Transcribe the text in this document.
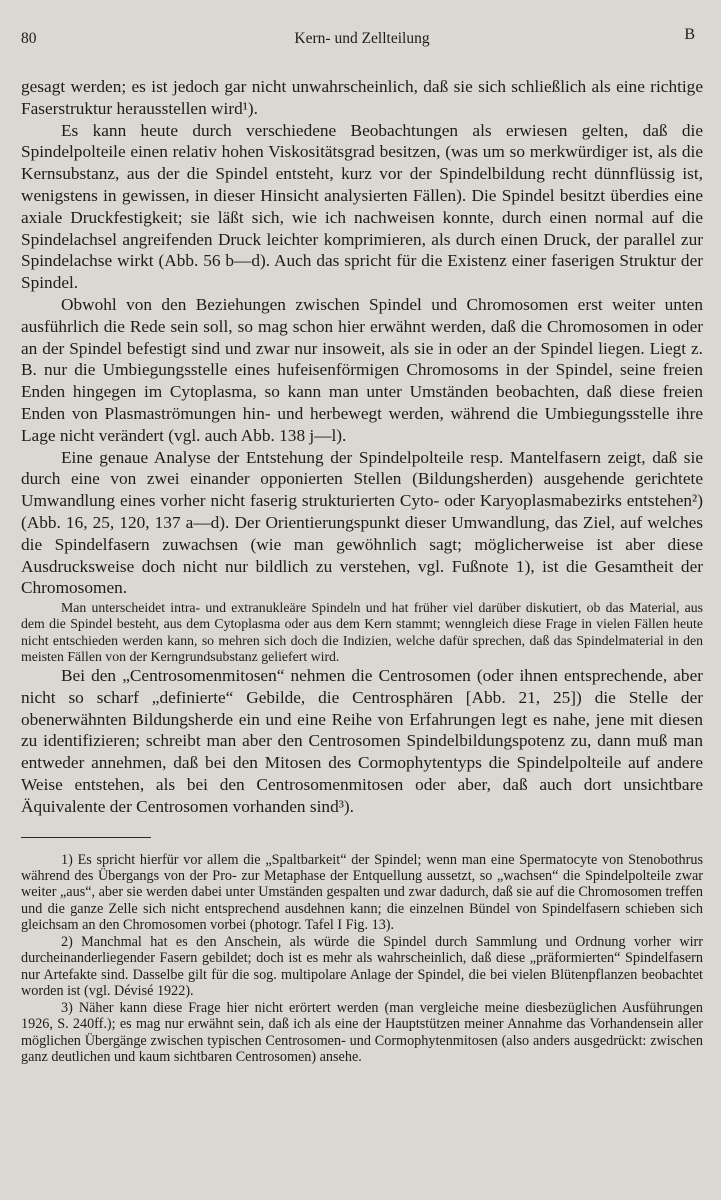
80	Kern- und Zellteilung	B

gesagt werden; es ist jedoch gar nicht unwahrscheinlich, daß sie sich schließlich als eine richtige Faserstruktur herausstellen wird¹).

Es kann heute durch verschiedene Beobachtungen als erwiesen gelten, daß die Spindelpolteile einen relativ hohen Viskositätsgrad besitzen, (was um so merkwürdiger ist, als die Kernsubstanz, aus der die Spindel entsteht, kurz vor der Spindelbildung recht dünnflüssig ist, wenigstens in gewissen, in dieser Hinsicht analysierten Fällen). Die Spindel besitzt überdies eine axiale Druckfestigkeit; sie läßt sich, wie ich nachweisen konnte, durch einen normal auf die Spindelachsel angreifenden Druck leichter komprimieren, als durch einen Druck, der parallel zur Spindelachse wirkt (Abb. 56 b—d). Auch das spricht für die Existenz einer faserigen Struktur der Spindel.

Obwohl von den Beziehungen zwischen Spindel und Chromosomen erst weiter unten ausführlich die Rede sein soll, so mag schon hier erwähnt werden, daß die Chromosomen in oder an der Spindel befestigt sind und zwar nur insoweit, als sie in oder an der Spindel liegen. Liegt z. B. nur die Umbiegungsstelle eines hufeisenförmigen Chromosoms in der Spindel, seine freien Enden hingegen im Cytoplasma, so kann man unter Umständen beobachten, daß diese freien Enden von Plasmaströmungen hin- und herbewegt werden, während die Umbiegungsstelle ihre Lage nicht verändert (vgl. auch Abb. 138 j—l).

Eine genaue Analyse der Entstehung der Spindelpolteile resp. Mantelfasern zeigt, daß sie durch eine von zwei einander opponierten Stellen (Bildungsherden) ausgehende gerichtete Umwandlung eines vorher nicht faserig strukturierten Cyto- oder Karyoplasmabezirks entstehen²) (Abb. 16, 25, 120, 137 a—d). Der Orientierungspunkt dieser Umwandlung, das Ziel, auf welches die Spindelfasern zuwachsen (wie man gewöhnlich sagt; möglicherweise ist aber diese Ausdrucksweise doch nicht nur bildlich zu verstehen, vgl. Fußnote 1), ist die Gesamtheit der Chromosomen.

Man unterscheidet intra- und extranukleäre Spindeln und hat früher viel darüber diskutiert, ob das Material, aus dem die Spindel besteht, aus dem Cytoplasma oder aus dem Kern stammt; wenngleich diese Frage in vielen Fällen heute nicht entschieden werden kann, so mehren sich doch die Indizien, welche dafür sprechen, daß das Spindelmaterial in den meisten Fällen von der Kerngrundsubstanz geliefert wird.

Bei den „Centrosomenmitosen“ nehmen die Centrosomen (oder ihnen entsprechende, aber nicht so scharf „definierte“ Gebilde, die Centrosphären [Abb. 21, 25]) die Stelle der obenerwähnten Bildungsherde ein und eine Reihe von Erfahrungen legt es nahe, jene mit diesen zu identifizieren; schreibt man aber den Centrosomen Spindelbildungspotenz zu, dann muß man entweder annehmen, daß bei den Mitosen des Cormophytentyps die Spindelpolteile auf andere Weise entstehen, als bei den Centrosomenmitosen oder aber, daß auch dort unsichtbare Äquivalente der Centrosomen vorhanden sind³).

1) Es spricht hierfür vor allem die „Spaltbarkeit“ der Spindel; wenn man eine Spermatocyte von Stenobothrus während des Übergangs von der Pro- zur Metaphase der Entquellung aussetzt, so „wachsen“ die Spindelpolteile zwar weiter „aus“, aber sie werden dabei unter Umständen gespalten und zwar dadurch, daß sie auf die Chromosomen treffen und die ganze Zelle sich nicht entsprechend ausdehnen kann; die einzelnen Bündel von Spindelfasern schieben sich gleichsam an den Chromosomen vorbei (photogr. Tafel I Fig. 13).

2) Manchmal hat es den Anschein, als würde die Spindel durch Sammlung und Ordnung vorher wirr durcheinanderliegender Fasern gebildet; doch ist es mehr als wahrscheinlich, daß diese „präformierten“ Spindelfasern nur Artefakte sind. Dasselbe gilt für die sog. multipolare Anlage der Spindel, die bei vielen Blütenpflanzen beobachtet worden ist (vgl. Dévisé 1922).

3) Näher kann diese Frage hier nicht erörtert werden (man vergleiche meine diesbezüglichen Ausführungen 1926, S. 240ff.); es mag nur erwähnt sein, daß ich als eine der Hauptstützen meiner Annahme das Vorhandensein aller möglichen Übergänge zwischen typischen Centrosomen- und Cormophytenmitosen (also anders ausgedrückt: zwischen ganz deutlichen und kaum sichtbaren Centrosomen) ansehe.
